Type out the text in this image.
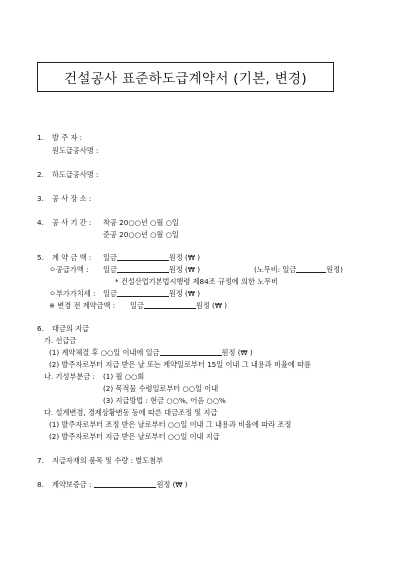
건설공사 표준하도급계약서 (기본, 변경)
1. 발 주 자 :
원도급공사명 :
2. 하도급공사명 :
3. 공 사 장 소 :
4. 공 사 기 간 : 착공 20○○년 ○월 ○일
준공 20○○년 ○월 ○일
5. 계 약 금 액 : 일금	원정 (₩ )
ㅇ공급가액 : 일금	원정 (₩ )	(노무비: 일금	원정)
* 건설산업기본법시행령 제84조 규정에 의한 노무비
ㅇ부가가치세 : 일금	원정 (₩ )
※ 변경 전 계약금액 : 일금	원정 (₩ )
6. 대금의 지급
가. 선급금
(1) 계약체결 후 ○○일 이내에 일금	원정 (₩ )
(2) 발주자로부터 지급 받은 날 또는 계약일로부터 15일 이내 그 내용과 비율에 따름
나. 기성부분금 : (1) 월 ○○회
(2) 목적물 수령일로부터 ○○일 이내
(3) 지급방법 : 현금 ○○%, 어음 ○○%
다. 설계변경, 경제상황변동 등에 따른 대금조정 및 지급
(1) 발주자로부터 조정 받은 날로부터 ○○일 이내 그 내용과 비율에 따라 조정
(2) 발주자로부터 지급 받은 날로부터 ○○일 이내 지급
7. 지급자재의 품목 및 수량 : 별도첨부
8. 계약보증금 :	원정 (₩ )
